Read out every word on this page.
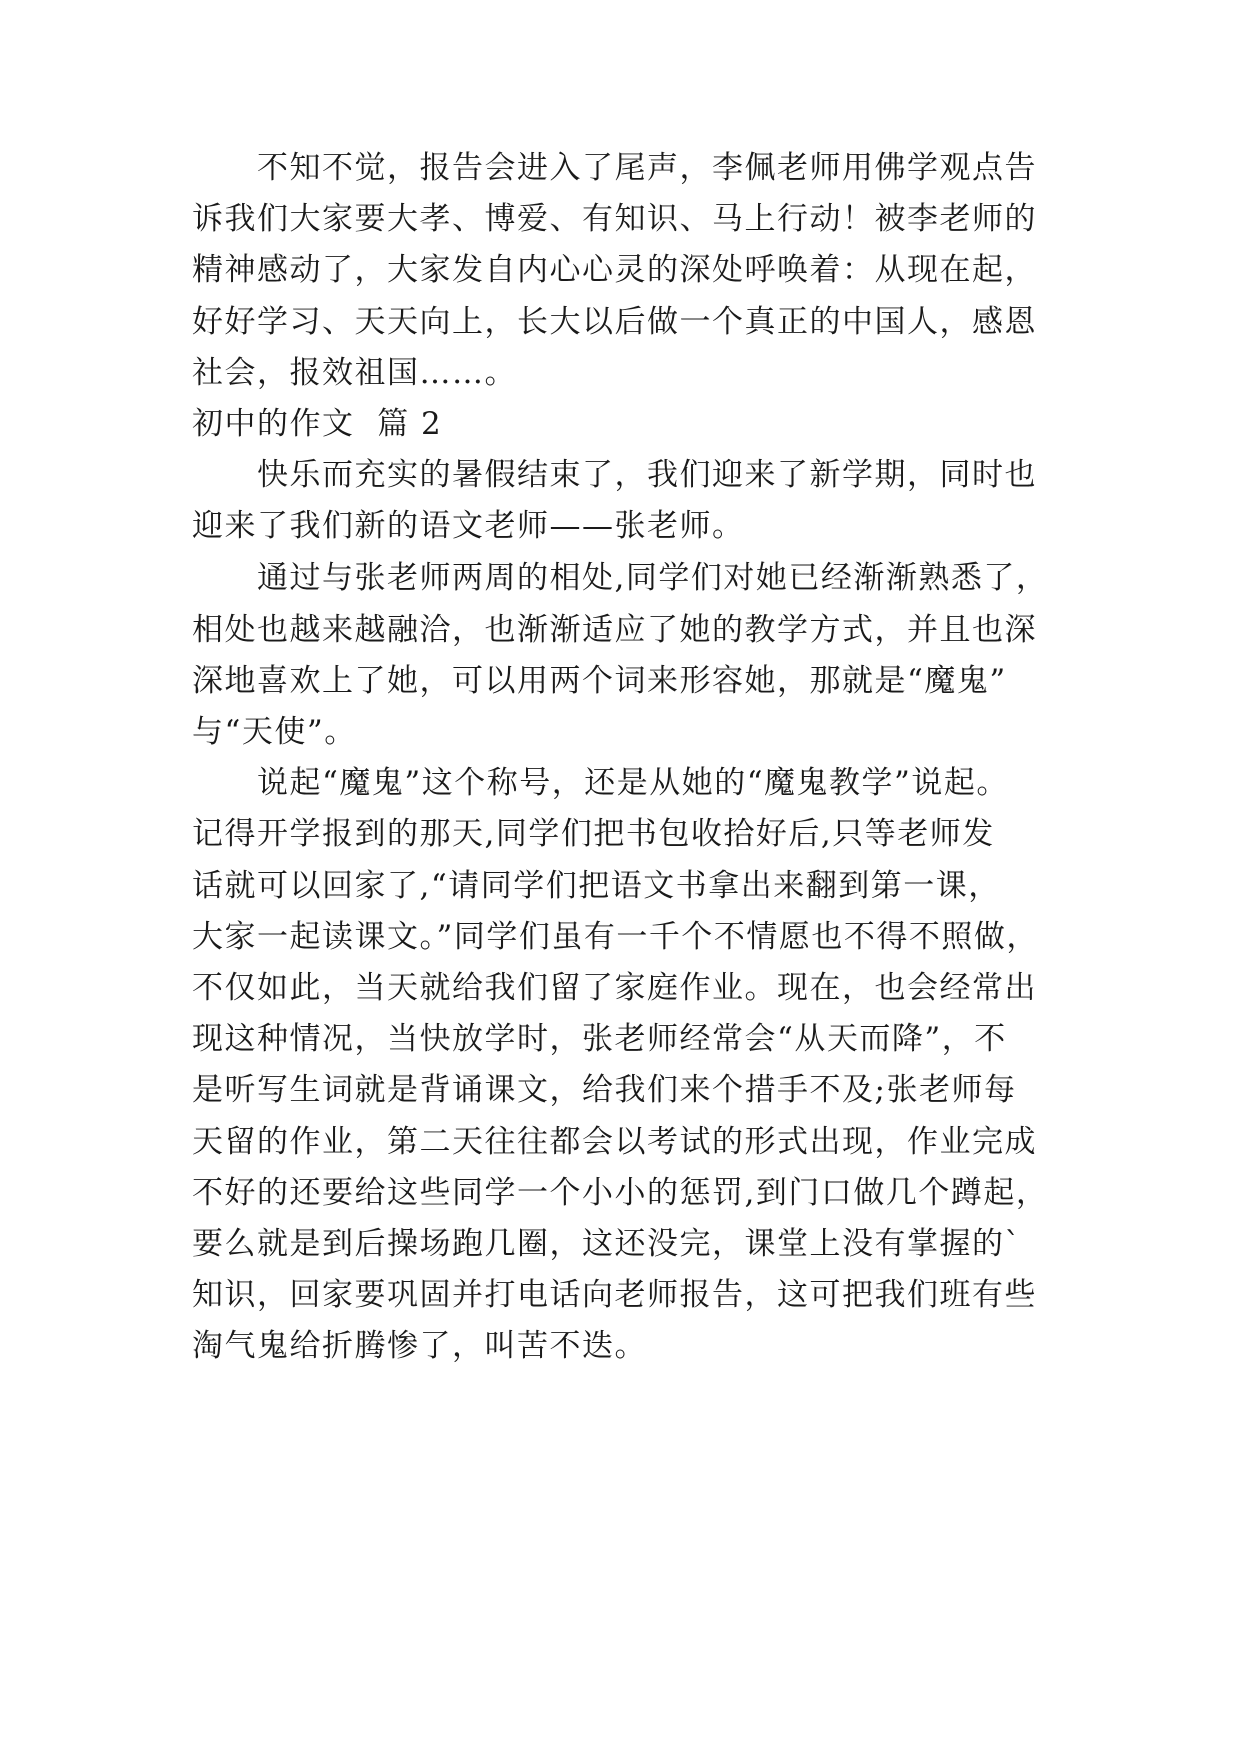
不知不觉，报告会进入了尾声，李佩老师用佛学观点告
诉我们大家要大孝、博爱、有知识、马上行动！被李老师的
精神感动了，大家发自内心心灵的深处呼唤着：从现在起，
好好学习、天天向上，长大以后做一个真正的中国人，感恩
社会，报效祖国……。
初中的作文  篇 2
快乐而充实的暑假结束了，我们迎来了新学期，同时也
迎来了我们新的语文老师——张老师。
通过与张老师两周的相处,同学们对她已经渐渐熟悉了，
相处也越来越融洽，也渐渐适应了她的教学方式，并且也深
深地喜欢上了她，可以用两个词来形容她，那就是“魔鬼”
与“天使”。
说起“魔鬼”这个称号，还是从她的“魔鬼教学”说起。
记得开学报到的那天,同学们把书包收拾好后,只等老师发
话就可以回家了,“请同学们把语文书拿出来翻到第一课，
大家一起读课文。”同学们虽有一千个不情愿也不得不照做，
不仅如此，当天就给我们留了家庭作业。现在，也会经常出
现这种情况，当快放学时，张老师经常会“从天而降”，不
是听写生词就是背诵课文，给我们来个措手不及;张老师每
天留的作业，第二天往往都会以考试的形式出现，作业完成
不好的还要给这些同学一个小小的惩罚,到门口做几个蹲起，
要么就是到后操场跑几圈，这还没完，课堂上没有掌握的`
知识，回家要巩固并打电话向老师报告，这可把我们班有些
淘气鬼给折腾惨了，叫苦不迭。
